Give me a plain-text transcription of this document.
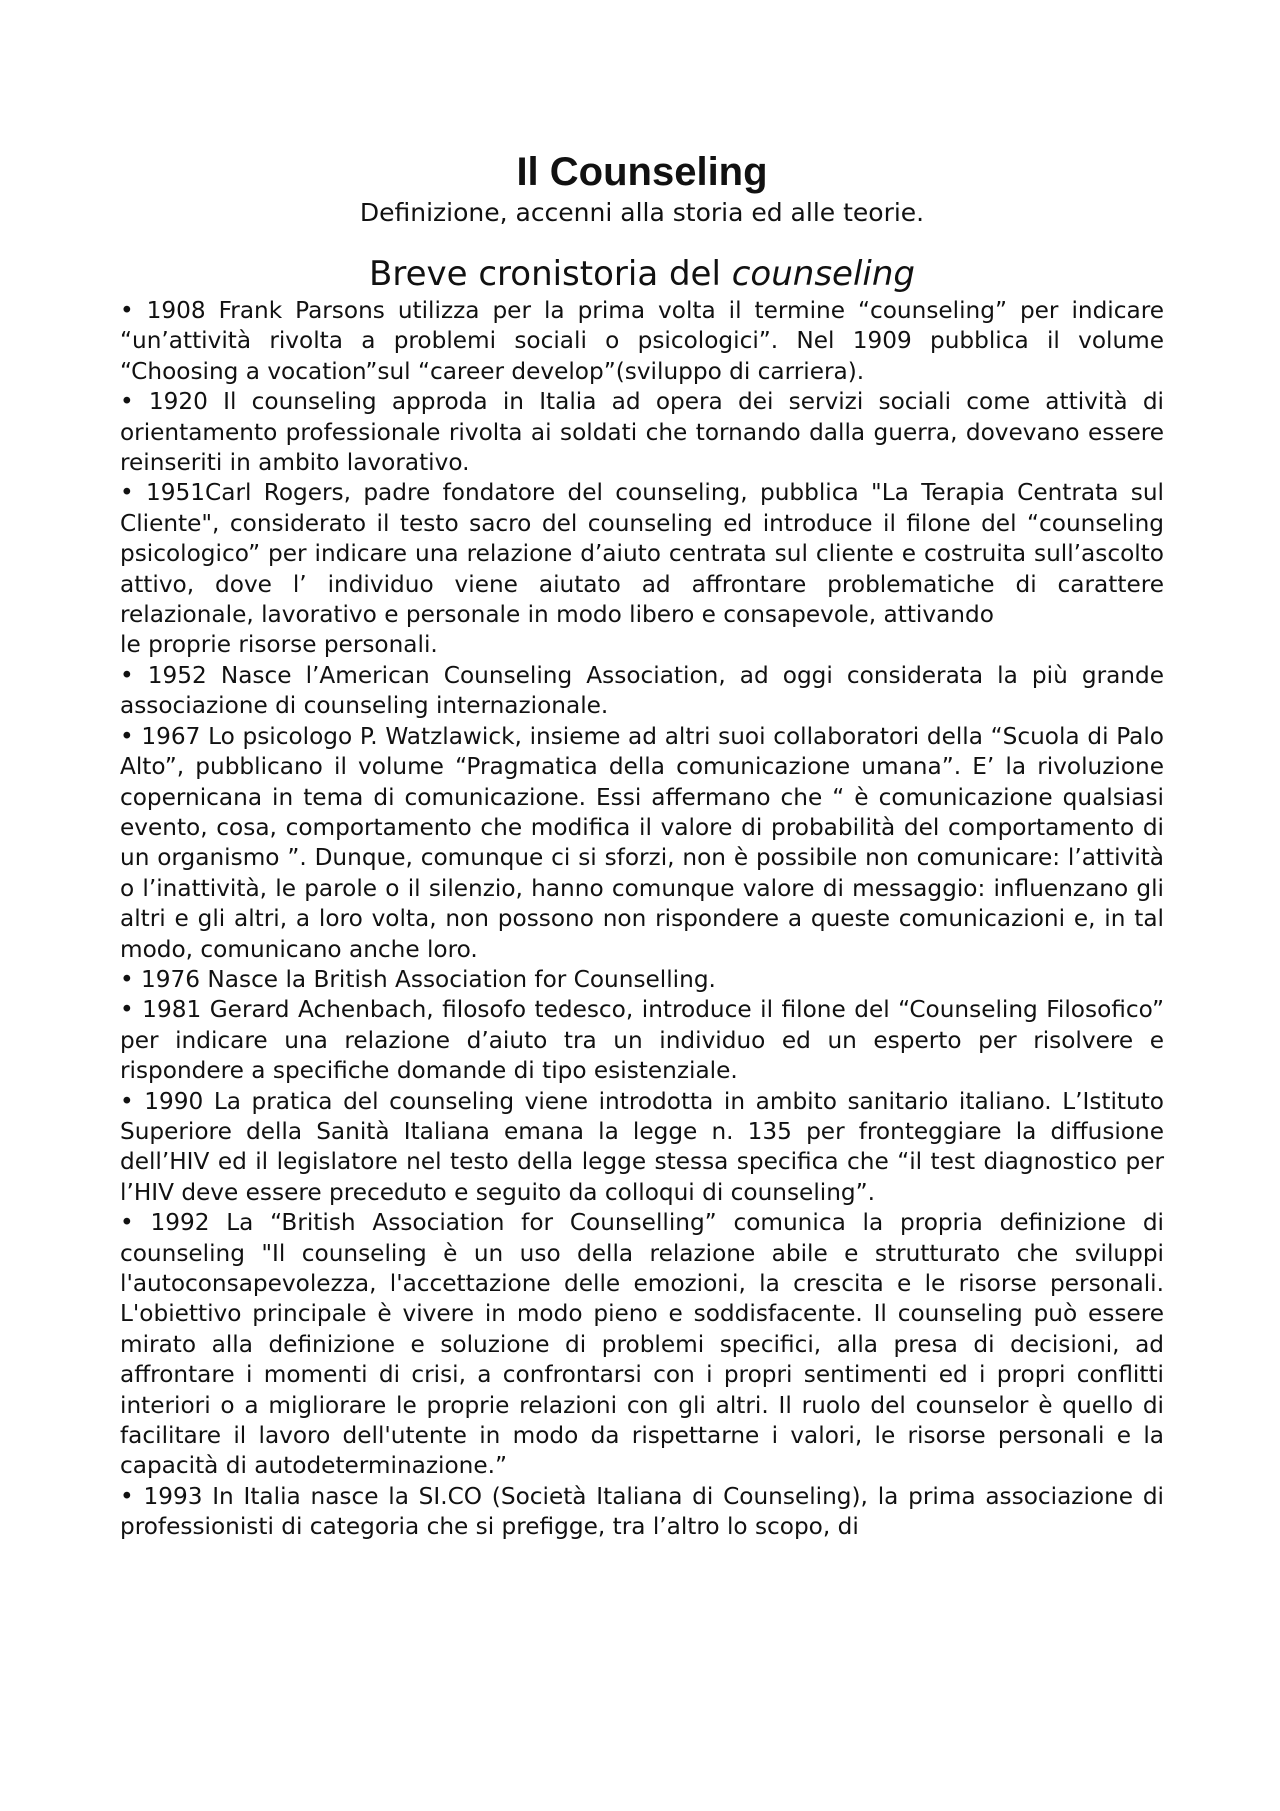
Il Counseling

Definizione, accenni alla storia ed alle teorie.

Breve cronistoria del counseling

• 1908 Frank Parsons utilizza per la prima volta il termine “counseling” per indicare “un’attività rivolta a problemi sociali o psicologici”. Nel 1909 pubblica il volume “Choosing a vocation”sul “career develop”(sviluppo di carriera).

• 1920 Il counseling approda in Italia ad opera dei servizi sociali come attività di orientamento professionale rivolta ai soldati che tornando dalla guerra, dovevano essere reinseriti in ambito lavorativo.

• 1951Carl Rogers, padre fondatore del counseling, pubblica "La Terapia Centrata sul Cliente", considerato il testo sacro del counseling ed introduce il filone del “counseling psicologico” per indicare una relazione d’aiuto centrata sul cliente e costruita sull’ascolto attivo, dove l’ individuo viene aiutato ad affrontare problematiche di carattere relazionale, lavorativo e personale in modo libero e consapevole, attivando
le proprie risorse personali.

• 1952 Nasce l’American Counseling Association, ad oggi considerata la più grande associazione di counseling internazionale.

• 1967 Lo psicologo P. Watzlawick, insieme ad altri suoi collaboratori della “Scuola di Palo Alto”, pubblicano il volume “Pragmatica della comunicazione umana”. E’ la rivoluzione copernicana in tema di comunicazione. Essi affermano che “ è comunicazione qualsiasi evento, cosa, comportamento che modifica il valore di probabilità del comportamento di un organismo ”. Dunque, comunque ci si sforzi, non è possibile non comunicare: l’attività o l’inattività, le parole o il silenzio, hanno comunque valore di messaggio: influenzano gli altri e gli altri, a loro volta, non possono non rispondere a queste comunicazioni e, in tal modo, comunicano anche loro.

• 1976 Nasce la British Association for Counselling.

• 1981 Gerard Achenbach, filosofo tedesco, introduce il filone del “Counseling Filosofico” per indicare una relazione d’aiuto tra un individuo ed un esperto per risolvere e rispondere a specifiche domande di tipo esistenziale.

• 1990 La pratica del counseling viene introdotta in ambito sanitario italiano. L’Istituto Superiore della Sanità Italiana emana la legge n. 135 per fronteggiare la diffusione dell’HIV ed il legislatore nel testo della legge stessa specifica che “il test diagnostico per l’HIV deve essere preceduto e seguito da colloqui di counseling”.

• 1992 La “British Association for Counselling” comunica la propria definizione di counseling "Il counseling è un uso della relazione abile e strutturato che sviluppi l'autoconsapevolezza, l'accettazione delle emozioni, la crescita e le risorse personali. L'obiettivo principale è vivere in modo pieno e soddisfacente. Il counseling può essere mirato alla definizione e soluzione di problemi specifici, alla presa di decisioni, ad affrontare i momenti di crisi, a confrontarsi con i propri sentimenti ed i propri conflitti interiori o a migliorare le proprie relazioni con gli altri. Il ruolo del counselor è quello di facilitare il lavoro dell'utente in modo da rispettarne i valori, le risorse personali e la capacità di autodeterminazione.”

• 1993 In Italia nasce la SI.CO (Società Italiana di Counseling), la prima associazione di professionisti di categoria che si prefigge, tra l’altro lo scopo, di
